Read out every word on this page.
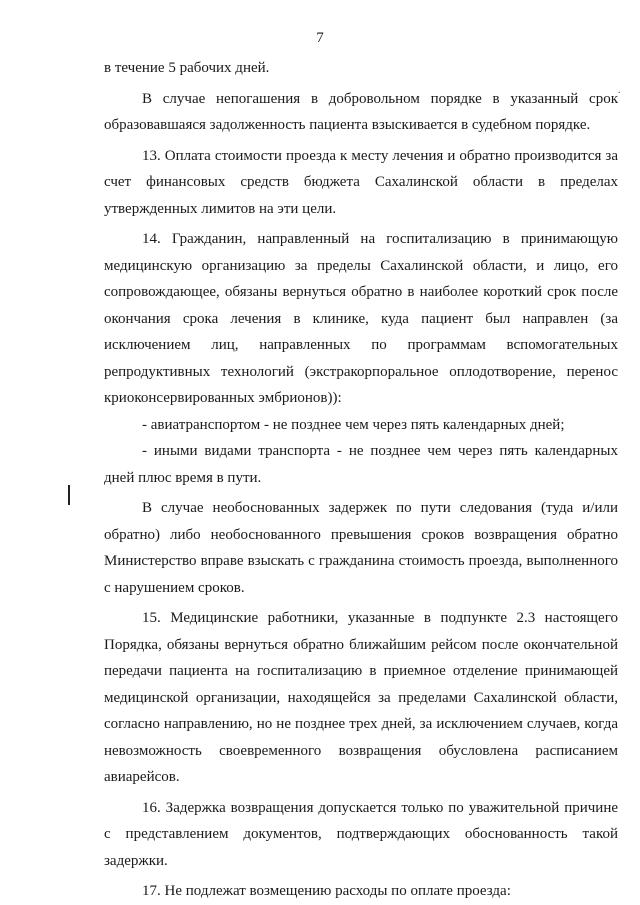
7
.

в течение 5 рабочих дней.

В случае непогашения в добровольном порядке в указанный срок образовавшаяся задолженность пациента взыскивается в судебном порядке.

13. Оплата стоимости проезда к месту лечения и обратно производится за счет финансовых средств бюджета Сахалинской области в пределах утвержденных лимитов на эти цели.

14. Гражданин, направленный на госпитализацию в принимающую медицинскую организацию за пределы Сахалинской области, и лицо, его сопровождающее, обязаны вернуться обратно в наиболее короткий срок после окончания срока лечения в клинике, куда пациент был направлен (за исключением лиц, направленных по программам вспомогательных репродуктивных технологий (экстракорпоральное оплодотворение, перенос криоконсервированных эмбрионов)):

- авиатранспортом - не позднее чем через пять календарных дней;

- иными видами транспорта - не позднее чем через пять календарных дней плюс время в пути.

В случае необоснованных задержек по пути следования (туда и/или обратно) либо необоснованного превышения сроков возвращения обратно Министерство вправе взыскать с гражданина стоимость проезда, выполненного с нарушением сроков.

15. Медицинские работники, указанные в подпункте 2.3 настоящего Порядка, обязаны вернуться обратно ближайшим рейсом после окончательной передачи пациента на госпитализацию в приемное отделение принимающей медицинской организации, находящейся за пределами Сахалинской области, согласно направлению, но не позднее трех дней, за исключением случаев, когда невозможность своевременного возвращения обусловлена расписанием авиарейсов.

16. Задержка возвращения допускается только по уважительной причине с представлением документов, подтверждающих обоснованность такой задержки.

17. Не подлежат возмещению расходы по оплате проезда:
